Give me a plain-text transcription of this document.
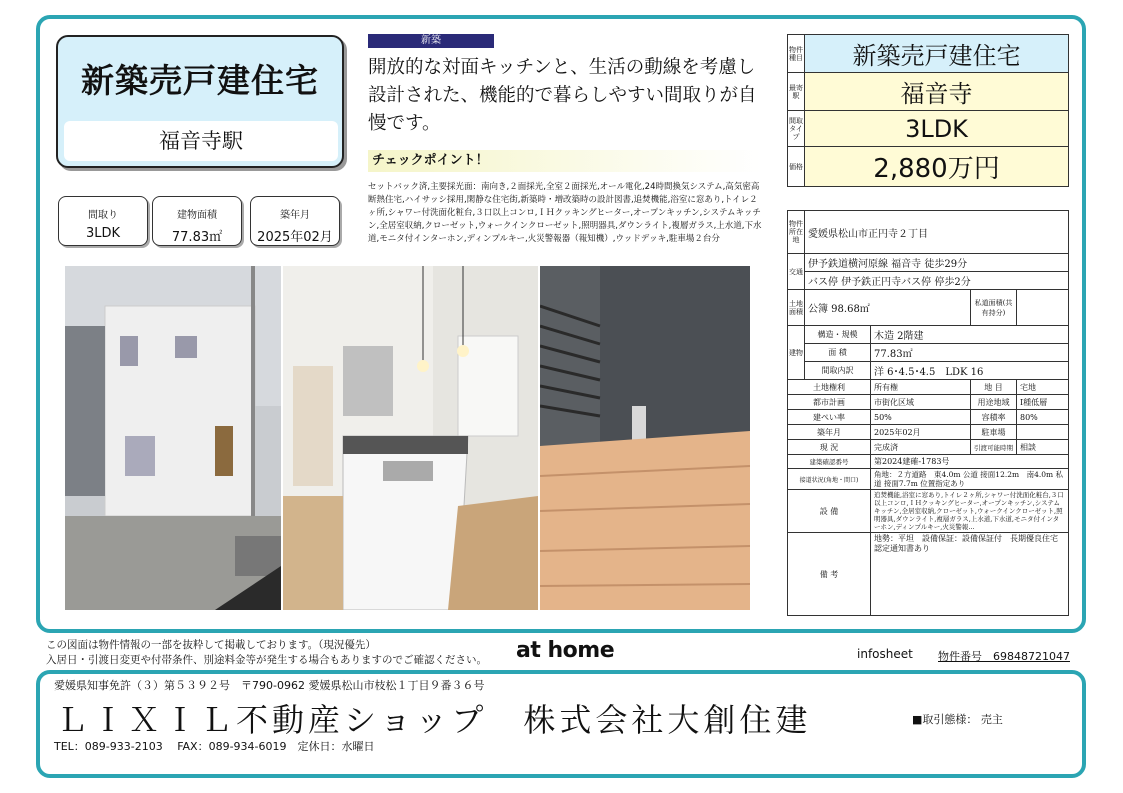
新築売戸建住宅
福音寺駅
間取り
3LDK
建物面積
77.83㎡
築年月
2025年02月
新築
開放的な対面キッチンと、生活の動線を考慮し設計された、機能的で暮らしやすい間取りが自慢です。
チェックポイント！
セットバック済,主要採光面：南向き,２面採光,全室２面採光,オール電化,24時間換気システム,高気密高断熱住宅,ハイサッシ採用,閑静な住宅街,新築時・増改築時の設計図書,追焚機能,浴室に窓あり,トイレ２ヶ所,シャワー付洗面化粧台,３口以上コンロ,ＩＨクッキングヒーター,オープンキッチン,システムキッチン,全居室収納,クローゼット,ウォークインクローゼット,照明器具,ダウンライト,複層ガラス,上水道,下水道,モニタ付インターホン,ディンプルキー,火災警報器（報知機）,ウッドデッキ,駐車場２台分
物件種目	新築売戸建住宅
最寄駅	福音寺
間取タイプ	3LDK
価格	2,880万円
物件所在地	愛媛県松山市正円寺２丁目			
交通	伊予鉄道横河原線 福音寺 徒歩29分			
	バス停 伊予鉄正円寺バス停 停歩2分			
土地面積	公簿 98.68㎡		私道面積(共有持分)	
建物	構造・規模	木造 2階建		
	面 積	77.83㎡		
	間取内訳	洋 6･4.5･4.5　LDK 16		
土地権利		所有権	地 目	宅地
都市計画		市街化区域	用途地域	Ⅰ種低層
建ぺい率		50%	容積率	80%
築年月		2025年02月	駐車場	
現 況		完成済	引渡可能時期	相談
建築確認番号		第2024建確-1783号		
接道状況(角地・間口)		角地：２方道路　東4.0m 公道 接面12.2m　南4.0m 私道 接面7.7m 位置指定あり		
設 備		追焚機能,浴室に窓あり,トイレ２ヶ所,シャワー付洗面化粧台,３口以上コンロ,ＩＨクッキングヒーター,オープンキッチン,システムキッチン,全居室収納,クローゼット,ウォークインクローゼット,照明器具,ダウンライト,複層ガラス,上水道,下水道,モニタ付インターホン,ディンプルキー,火災警報...		
備 考		地勢：平坦　設備保証：設備保証付　長期優良住宅認定通知書あり		
この図面は物件情報の一部を抜粋して掲載しております。（現況優先）
入居日・引渡日変更や付帯条件、別途料金等が発生する場合もありますのでご確認ください。 at home	infosheet 物件番号　69848721047
愛媛県知事免許（３）第５３９２号　〒790-0962 愛媛県松山市枝松１丁目９番３６号
ＬＩＸＩＬ不動産ショップ　株式会社大創住建
TEL：089-933-2103　 FAX：089-934-6019　定休日：水曜日
■取引態様： 売主
